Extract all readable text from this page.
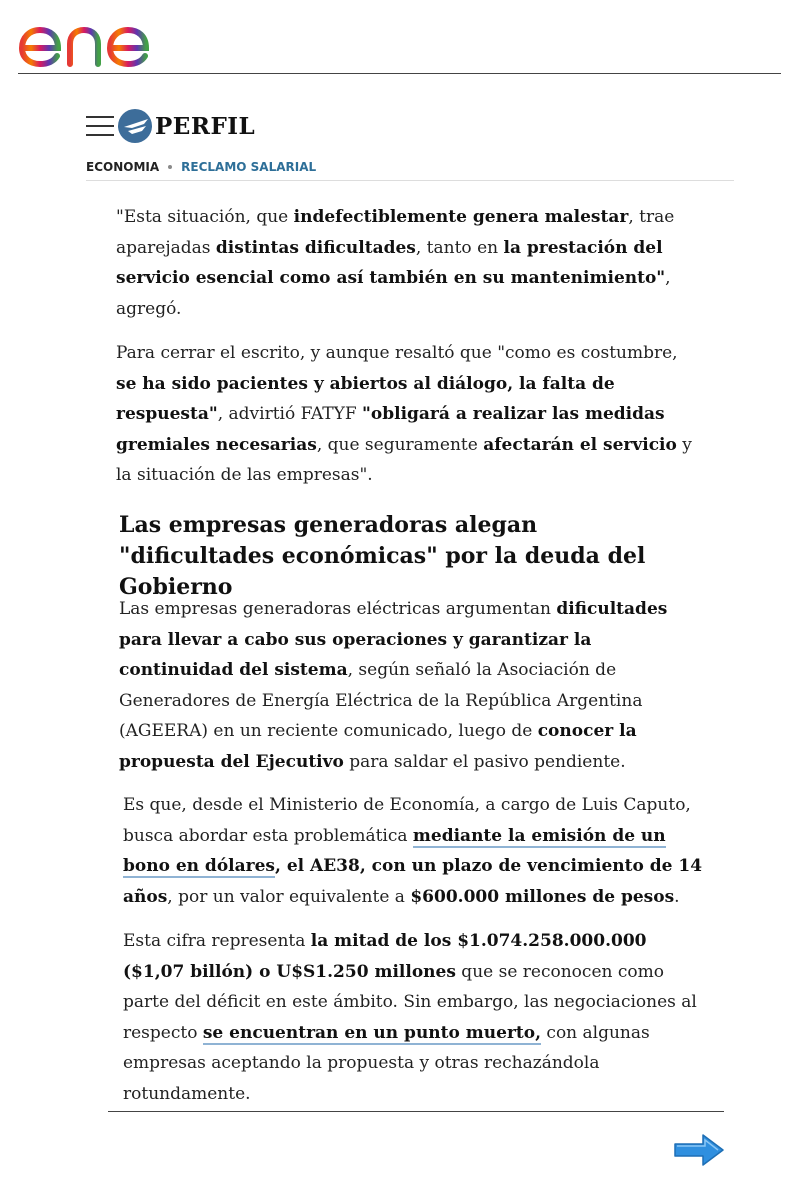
PERFIL
ECONOMIA RECLAMO SALARIAL

"Esta situación, que indefectiblemente genera malestar, trae aparejadas distintas dificultades, tanto en la prestación del servicio esencial como así también en su mantenimiento", agregó.

Para cerrar el escrito, y aunque resaltó que "como es costumbre, se ha sido pacientes y abiertos al diálogo, la falta de respuesta", advirtió FATYF "obligará a realizar las medidas gremiales necesarias, que seguramente afectarán el servicio y la situación de las empresas".

Las empresas generadoras alegan "dificultades económicas" por la deuda del Gobierno

Las empresas generadoras eléctricas argumentan dificultades para llevar a cabo sus operaciones y garantizar la continuidad del sistema, según señaló la Asociación de Generadores de Energía Eléctrica de la República Argentina (AGEERA) en un reciente comunicado, luego de conocer la propuesta del Ejecutivo para saldar el pasivo pendiente.

Es que, desde el Ministerio de Economía, a cargo de Luis Caputo, busca abordar esta problemática mediante la emisión de un bono en dólares, el AE38, con un plazo de vencimiento de 14 años, por un valor equivalente a $600.000 millones de pesos.

Esta cifra representa la mitad de los $1.074.258.000.000 ($1,07 billón) o U$S1.250 millones que se reconocen como parte del déficit en este ámbito. Sin embargo, las negociaciones al respecto se encuentran en un punto muerto, con algunas empresas aceptando la propuesta y otras rechazándola rotundamente.
